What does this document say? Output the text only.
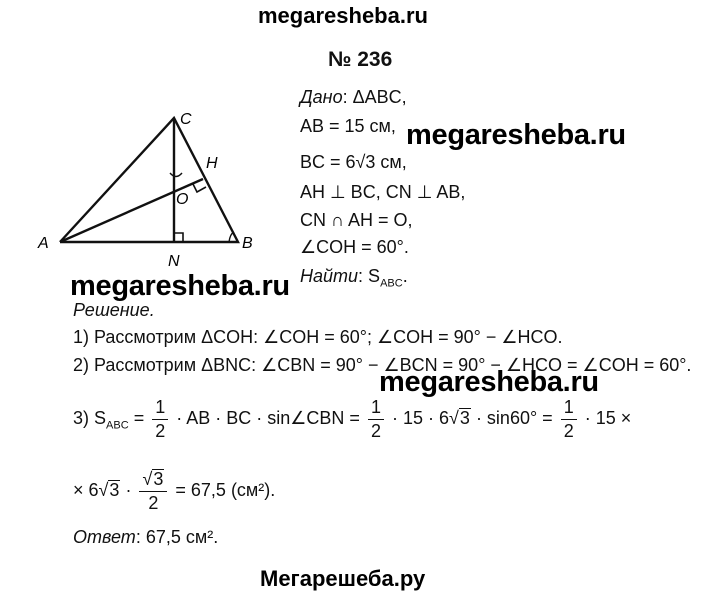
megaresheba.ru
№ 236
A	B
C
H
O
N
Дано: ΔABC,
AB = 15 см,
BC = 6√3 см,
AH ⊥ BC, CN ⊥ AB,
CN ∩ AH = O,
∠COH = 60°.
Найти: $S_{ABC}$.
megaresheba.ru
megaresheba.ru
megaresheba.ru
Решение.
1) Рассмотрим ΔCOH: ∠COH = 60°; ∠COH = 90° − ∠HCO.
2) Рассмотрим ΔBNC: ∠CBN = 90° − ∠BCN = 90° − ∠HCO = ∠COH = 60°.
3) $S_{ABC} = \frac{1}{2}$ · AB · BC · sin∠CBN = $\frac{1}{2} \cdot 15 \cdot 6√3 \cdot \sin 60^\circ = \frac{1}{2} \cdot 15$ ×
× $6√3 \cdot \frac{√3}{2} = 67,5$ (см²).
Ответ: 67,5 см².
Мегарешеба.ру
